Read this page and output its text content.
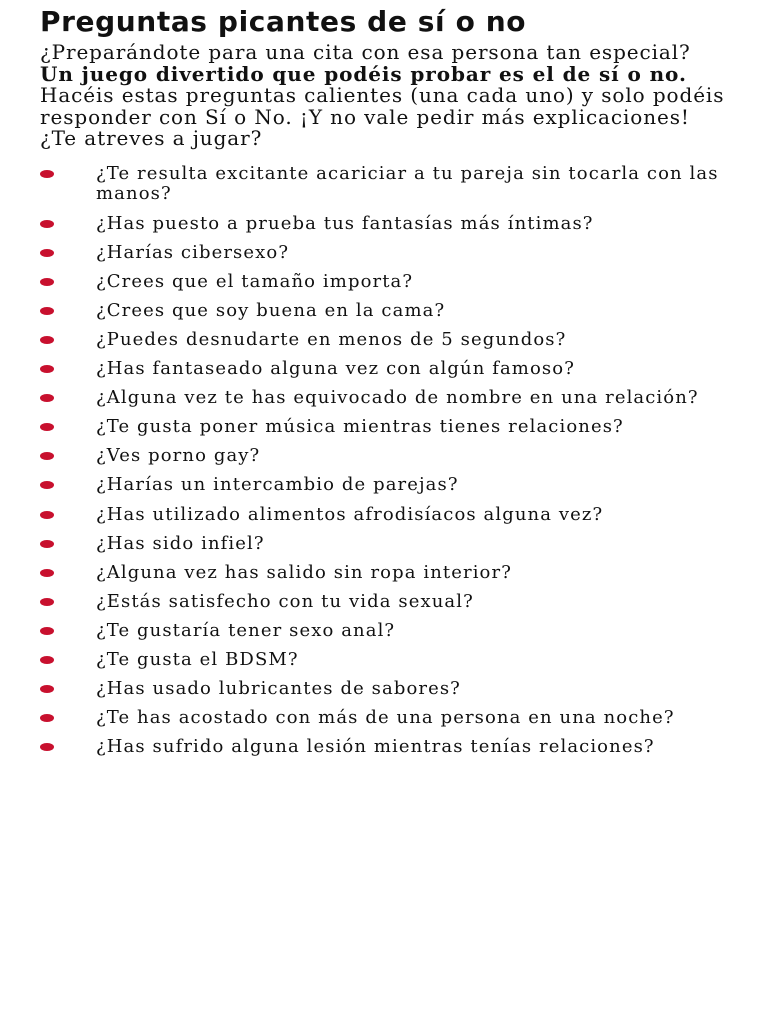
Preguntas picantes de sí o no

¿Preparándote para una cita con esa persona tan especial? Un juego divertido que podéis probar es el de sí o no. Hacéis estas preguntas calientes (una cada uno) y solo podéis responder con Sí o No. ¡Y no vale pedir más explicaciones! ¿Te atreves a jugar?

¿Te resulta excitante acariciar a tu pareja sin tocarla con las manos?
¿Has puesto a prueba tus fantasías más íntimas?
¿Harías cibersexo?
¿Crees que el tamaño importa?
¿Crees que soy buena en la cama?
¿Puedes desnudarte en menos de 5 segundos?
¿Has fantaseado alguna vez con algún famoso?
¿Alguna vez te has equivocado de nombre en una relación?
¿Te gusta poner música mientras tienes relaciones?
¿Ves porno gay?
¿Harías un intercambio de parejas?
¿Has utilizado alimentos afrodisíacos alguna vez?
¿Has sido infiel?
¿Alguna vez has salido sin ropa interior?
¿Estás satisfecho con tu vida sexual?
¿Te gustaría tener sexo anal?
¿Te gusta el BDSM?
¿Has usado lubricantes de sabores?
¿Te has acostado con más de una persona en una noche?
¿Has sufrido alguna lesión mientras tenías relaciones?
